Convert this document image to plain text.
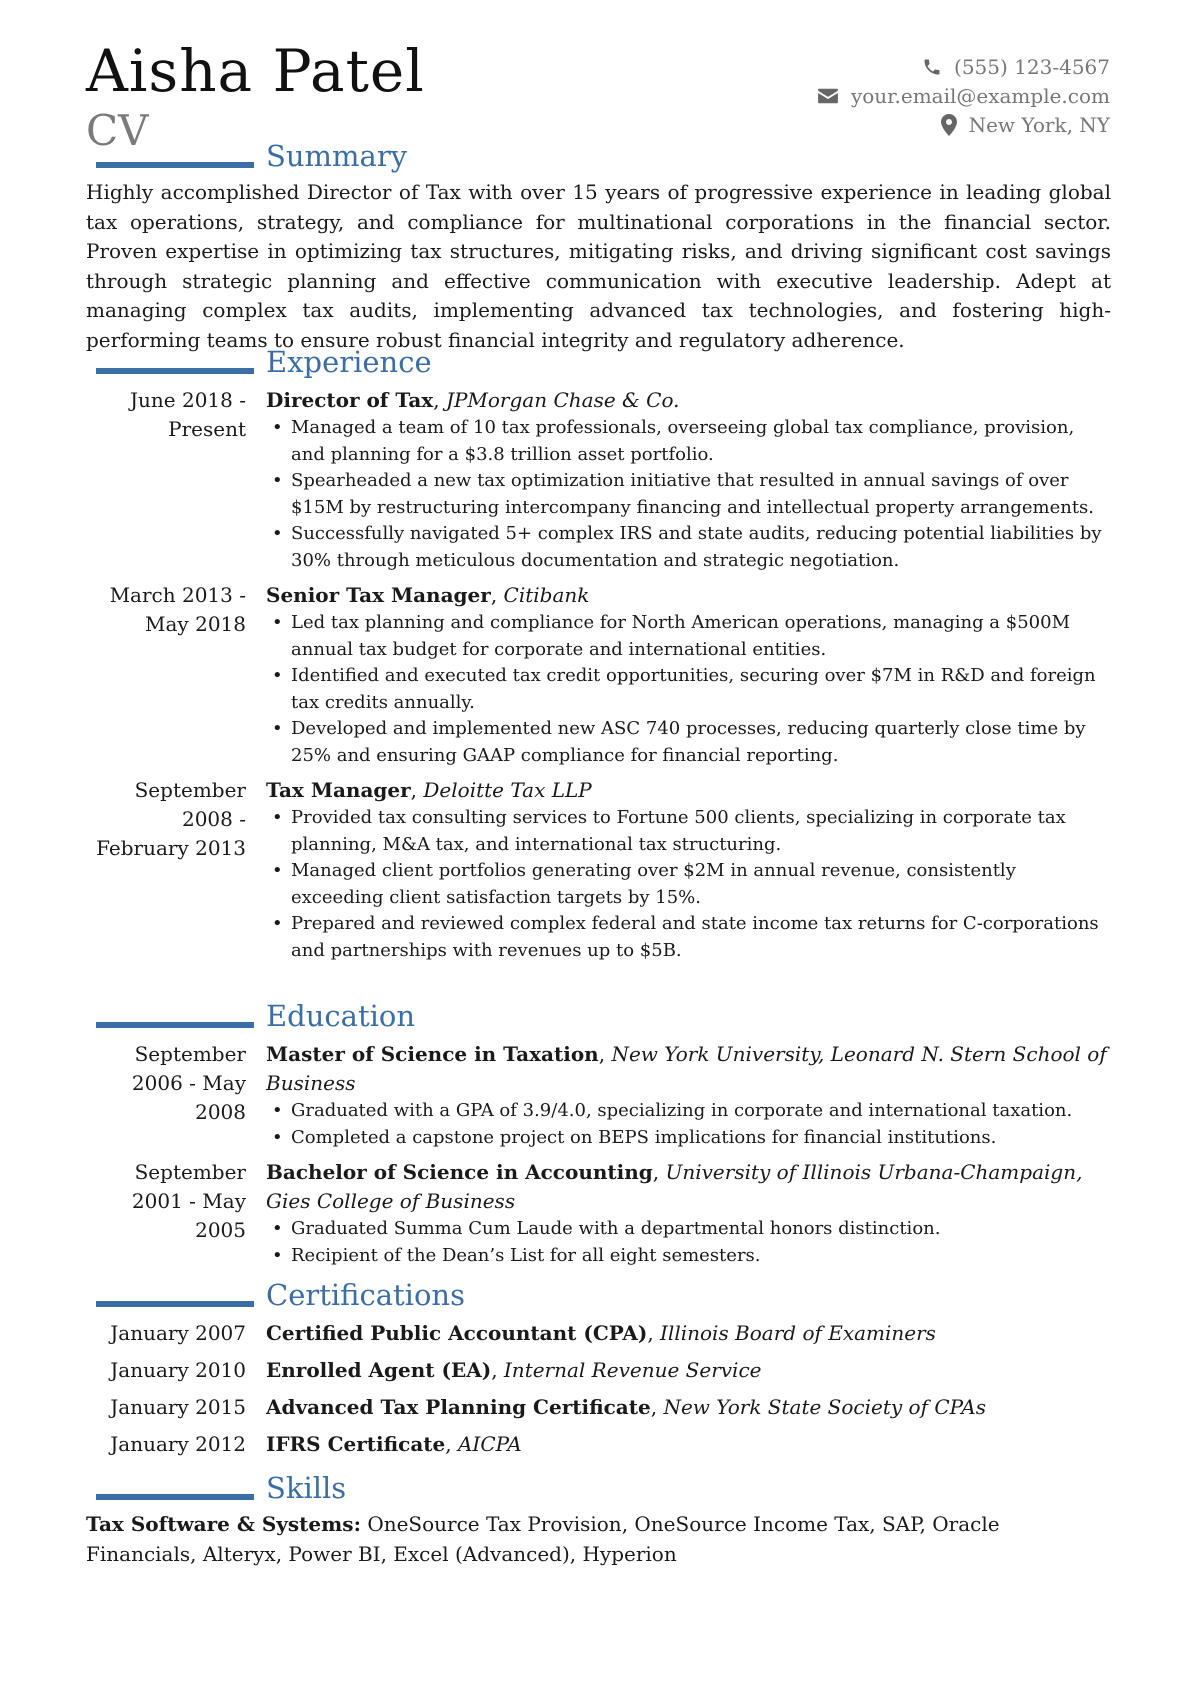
Aisha Patel
CV
(555) 123-4567
your.email@example.com
New York, NY
Summary

Highly accomplished Director of Tax with over 15 years of progressive experience in leading global tax operations, strategy, and compliance for multinational corporations in the financial sector. Proven expertise in optimizing tax structures, mitigating risks, and driving significant cost savings through strategic planning and effective communication with executive leadership. Adept at managing complex tax audits, implementing advanced tax technologies, and fostering high-performing teams to ensure robust financial integrity and regulatory adherence.

Experience
June 2018 - Present
Director of Tax, JPMorgan Chase & Co.
• Managed a team of 10 tax professionals, overseeing global tax compliance, provision, and planning for a $3.8 trillion asset portfolio.
• Spearheaded a new tax optimization initiative that resulted in annual savings of over $15M by restructuring intercompany financing and intellectual property arrangements.
• Successfully navigated 5+ complex IRS and state audits, reducing potential liabilities by 30% through meticulous documentation and strategic negotiation.
March 2013 - May 2018
Senior Tax Manager, Citibank
• Led tax planning and compliance for North American operations, managing a $500M annual tax budget for corporate and international entities.
• Identified and executed tax credit opportunities, securing over $7M in R&D and foreign tax credits annually.
• Developed and implemented new ASC 740 processes, reducing quarterly close time by 25% and ensuring GAAP compliance for financial reporting.
September 2008 - February 2013
Tax Manager, Deloitte Tax LLP
• Provided tax consulting services to Fortune 500 clients, specializing in corporate tax planning, M&A tax, and international tax structuring.
• Managed client portfolios generating over $2M in annual revenue, consistently exceeding client satisfaction targets by 15%.
• Prepared and reviewed complex federal and state income tax returns for C-corporations and partnerships with revenues up to $5B.
Education
September 2006 - May 2008
Master of Science in Taxation, New York University, Leonard N. Stern School of Business
• Graduated with a GPA of 3.9/4.0, specializing in corporate and international taxation.
• Completed a capstone project on BEPS implications for financial institutions.
September 2001 - May 2005
Bachelor of Science in Accounting, University of Illinois Urbana-Champaign, Gies College of Business
• Graduated Summa Cum Laude with a departmental honors distinction.
• Recipient of the Dean’s List for all eight semesters.
Certifications
January 2007	Certified Public Accountant (CPA), Illinois Board of Examiners
January 2010	Enrolled Agent (EA), Internal Revenue Service
January 2015	Advanced Tax Planning Certificate, New York State Society of CPAs
January 2012	IFRS Certificate, AICPA
Skills

Tax Software & Systems: OneSource Tax Provision, OneSource Income Tax, SAP, Oracle Financials, Alteryx, Power BI, Excel (Advanced), Hyperion
